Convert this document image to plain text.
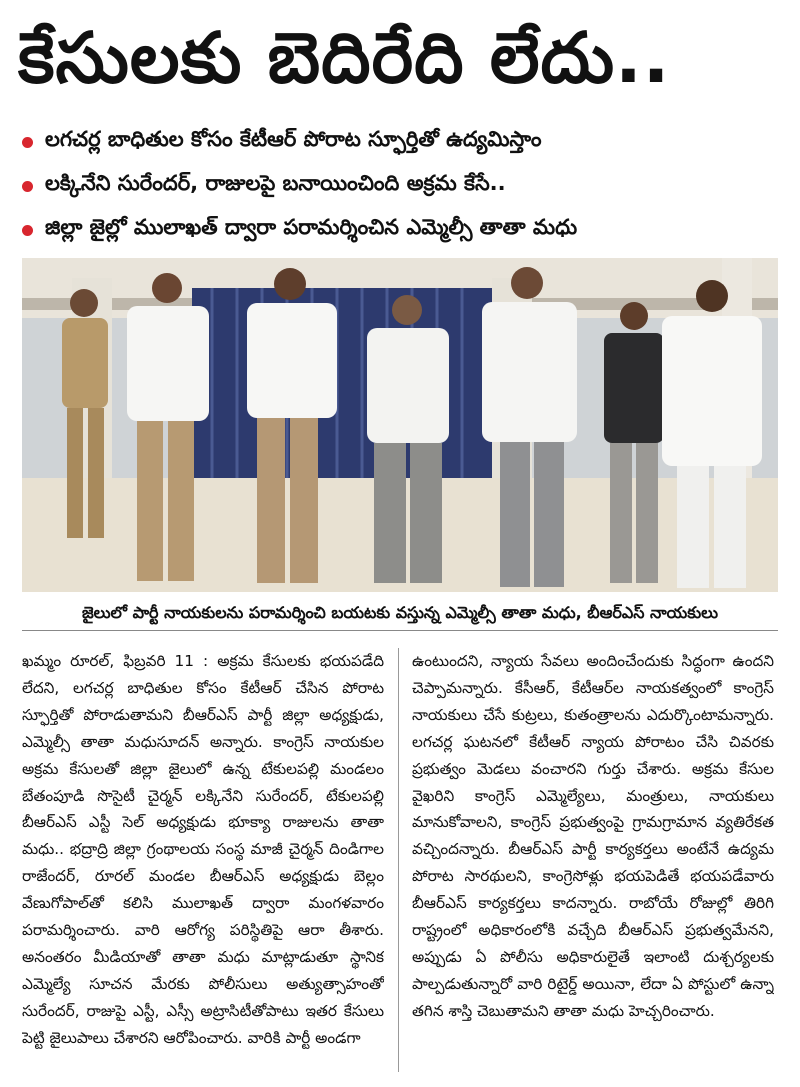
కేసులకు బెదిరేది లేదు..
లగచర్ల బాధితుల కోసం కేటీఆర్ పోరాట స్ఫూర్తితో ఉద్యమిస్తాం
లక్కినేని సురేందర్, రాజులపై బనాయించింది అక్రమ కేసే..
జిల్లా జైల్లో ములాఖత్ ద్వారా పరామర్శించిన ఎమ్మెల్సీ తాతా మధు
జైలులో పార్టీ నాయకులను పరామర్శించి బయటకు వస్తున్న ఎమ్మెల్సీ తాతా మధు, బీఆర్ఎస్ నాయకులు
ఖమ్మం రూరల్, ఫిబ్రవరి 11 : అక్రమ కేసులకు భయపడేది లేదని, లగచర్ల బాధితుల కోసం కేటీఆర్ చేసిన పోరాట స్ఫూర్తితో పోరాడుతామని బీఆర్ఎస్ పార్టీ జిల్లా అధ్యక్షుడు, ఎమ్మెల్సీ తాతా మధుసూదన్ అన్నారు. కాంగ్రెస్ నాయకుల అక్రమ కేసులతో జిల్లా జైలులో ఉన్న టేకులపల్లి మండలం బేతంపూడి సొసైటీ చైర్మన్ లక్కినేని సురేందర్, టేకులపల్లి బీఆర్ఎస్ ఎస్టీ సెల్ అధ్యక్షుడు భూక్యా రాజులను తాతా మధు.. భద్రాద్రి జిల్లా గ్రంథాలయ సంస్థ మాజీ చైర్మన్ దిండిగాల రాజేందర్, రూరల్ మండల బీఆర్ఎస్ అధ్యక్షుడు బెల్లం వేణుగోపాల్‌తో కలిసి ములాఖత్ ద్వారా మంగళవారం పరామర్శించారు. వారి ఆరోగ్య పరిస్థితిపై ఆరా తీశారు. అనంతరం మీడియాతో తాతా మధు మాట్లాడుతూ స్థానిక ఎమ్మెల్యే సూచన మేరకు పోలీసులు అత్యుత్సాహంతో సురేందర్, రాజుపై ఎస్టీ, ఎస్సీ అట్రాసిటీతోపాటు ఇతర కేసులు పెట్టి జైలుపాలు చేశారని ఆరోపించారు. వారికి పార్టీ అండగా
ఉంటుందని, న్యాయ సేవలు అందించేందుకు సిద్ధంగా ఉందని చెప్పామన్నారు. కేసీఆర్, కేటీఆర్‌ల నాయకత్వంలో కాంగ్రెస్ నాయకులు చేసే కుట్రలు, కుతంత్రాలను ఎదుర్కొంటామన్నారు. లగచర్ల ఘటనలో కేటీఆర్ న్యాయ పోరాటం చేసి చివరకు ప్రభుత్వం మెడలు వంచారని గుర్తు చేశారు. అక్రమ కేసుల వైఖరిని కాంగ్రెస్ ఎమ్మెల్యేలు, మంత్రులు, నాయకులు మానుకోవాలని, కాంగ్రెస్ ప్రభుత్వంపై గ్రామగ్రామాన వ్యతిరేకత వచ్చిందన్నారు. బీఆర్ఎస్ పార్టీ కార్యకర్తలు అంటేనే ఉద్యమ పోరాట సారథులని, కాంగ్రెసోళ్లు భయపెడితే భయపడేవారు బీఆర్ఎస్ కార్యకర్తలు కాదన్నారు. రాబోయే రోజుల్లో తిరిగి రాష్ట్రంలో అధికారంలోకి వచ్చేది బీఆర్ఎస్ ప్రభుత్వమేనని, అప్పుడు ఏ పోలీసు అధికారులైతే ఇలాంటి దుశ్చర్యలకు పాల్పడుతున్నారో వారి రిటైర్డ్ అయినా, లేదా ఏ పోస్టులో ఉన్నా తగిన శాస్తి చెబుతామని తాతా మధు హెచ్చరించారు.
